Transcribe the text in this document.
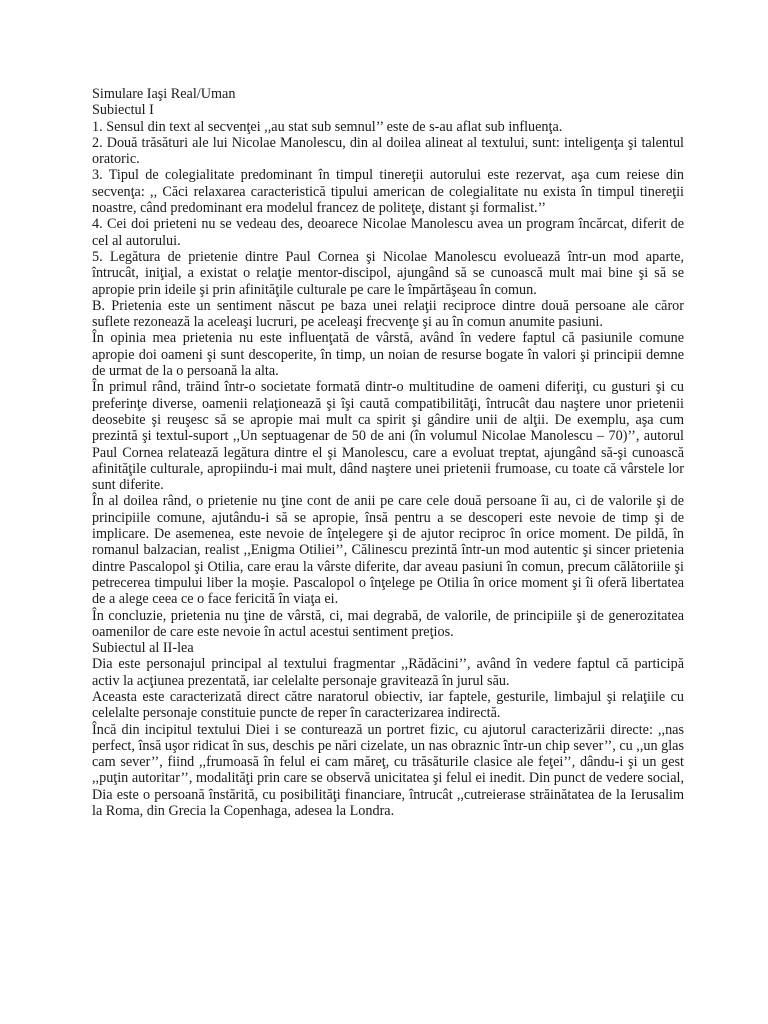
Simulare Iaşi Real/Uman

Subiectul I

1. Sensul din text al secvenţei ,,au stat sub semnul’’ este de s-au aflat sub influenţa.

2. Două trăsături ale lui Nicolae Manolescu, din al doilea alineat al textului, sunt: inteligenţa şi talentul oratoric.

3. Tipul de colegialitate predominant în timpul tinereţii autorului este rezervat, aşa cum reiese din secvenţa: ,, Căci relaxarea caracteristică tipului american de colegialitate nu exista în timpul tinereţii noastre, când predominant era modelul francez de politeţe, distant şi formalist.’’

4. Cei doi prieteni nu se vedeau des, deoarece Nicolae Manolescu avea un program încărcat, diferit de cel al autorului.

5. Legătura de prietenie dintre Paul Cornea şi Nicolae Manolescu evoluează într-un mod aparte, întrucât, iniţial, a existat o relaţie mentor-discipol, ajungând să se cunoască mult mai bine şi să se apropie prin ideile şi prin afinităţile culturale pe care le împărtăşeau în comun.

B. Prietenia este un sentiment născut pe baza unei relaţii reciproce dintre două persoane ale căror suflete rezonează la aceleaşi lucruri, pe aceleaşi frecvenţe şi au în comun anumite pasiuni.

În opinia mea prietenia nu este influenţată de vârstă, având în vedere faptul că pasiunile comune apropie doi oameni şi sunt descoperite, în timp, un noian de resurse bogate în valori şi principii demne de urmat de la o persoană la alta.

În primul rând, trăind într-o societate formată dintr-o multitudine de oameni diferiţi, cu gusturi şi cu preferinţe diverse, oamenii relaţionează şi îşi caută compatibilităţi, întrucât dau naştere unor prietenii deosebite şi reuşesc să se apropie mai mult ca spirit şi gândire unii de alţii. De exemplu, aşa cum prezintă şi textul-suport ,,Un septuagenar de 50 de ani (în volumul Nicolae Manolescu – 70)’’, autorul Paul Cornea relatează legătura dintre el şi Manolescu, care a evoluat treptat, ajungând să-şi cunoască afinităţile culturale, apropiindu-i mai mult, dând naştere unei prietenii frumoase, cu toate că vârstele lor sunt diferite.

În al doilea rând, o prietenie nu ţine cont de anii pe care cele două persoane îi au, ci de valorile şi de principiile comune, ajutându-i să se apropie, însă pentru a se descoperi este nevoie de timp şi de implicare. De asemenea, este nevoie de înţelegere şi de ajutor reciproc în orice moment. De pildă, în romanul balzacian, realist ,,Enigma Otiliei’’, Călinescu prezintă într-un mod autentic şi sincer prietenia dintre Pascalopol şi Otilia, care erau la vârste diferite, dar aveau pasiuni în comun, precum călătoriile şi petrecerea timpului liber la moşie. Pascalopol o înţelege pe Otilia în orice moment şi îi oferă libertatea de a alege ceea ce o face fericită în viaţa ei.

În concluzie, prietenia nu ţine de vârstă, ci, mai degrabă, de valorile, de principiile şi de generozitatea oamenilor de care este nevoie în actul acestui sentiment preţios.

Subiectul al II-lea

Dia este personajul principal al textului fragmentar ,,Rădăcini’’, având în vedere faptul că participă activ la acţiunea prezentată, iar celelalte personaje gravitează în jurul său.

Aceasta este caracterizată direct către naratorul obiectiv, iar faptele, gesturile, limbajul şi relaţiile cu celelalte personaje constituie puncte de reper în caracterizarea indirectă.

Încă din incipitul textului Diei i se conturează un portret fizic, cu ajutorul caracterizării directe: ,,nas perfect, însă uşor ridicat în sus, deschis pe nări cizelate, un nas obraznic într-un chip sever’’, cu ,,un glas cam sever’’, fiind ,,frumoasă în felul ei cam măreţ, cu trăsăturile clasice ale feţei’’, dându-i şi un gest ,,puţin autoritar’’, modalităţi prin care se observă unicitatea şi felul ei inedit. Din punct de vedere social, Dia este o persoană înstărită, cu posibilităţi financiare, întrucât ,,cutreierase străinătatea de la Ierusalim la Roma, din Grecia la Copenhaga, adesea la Londra.
